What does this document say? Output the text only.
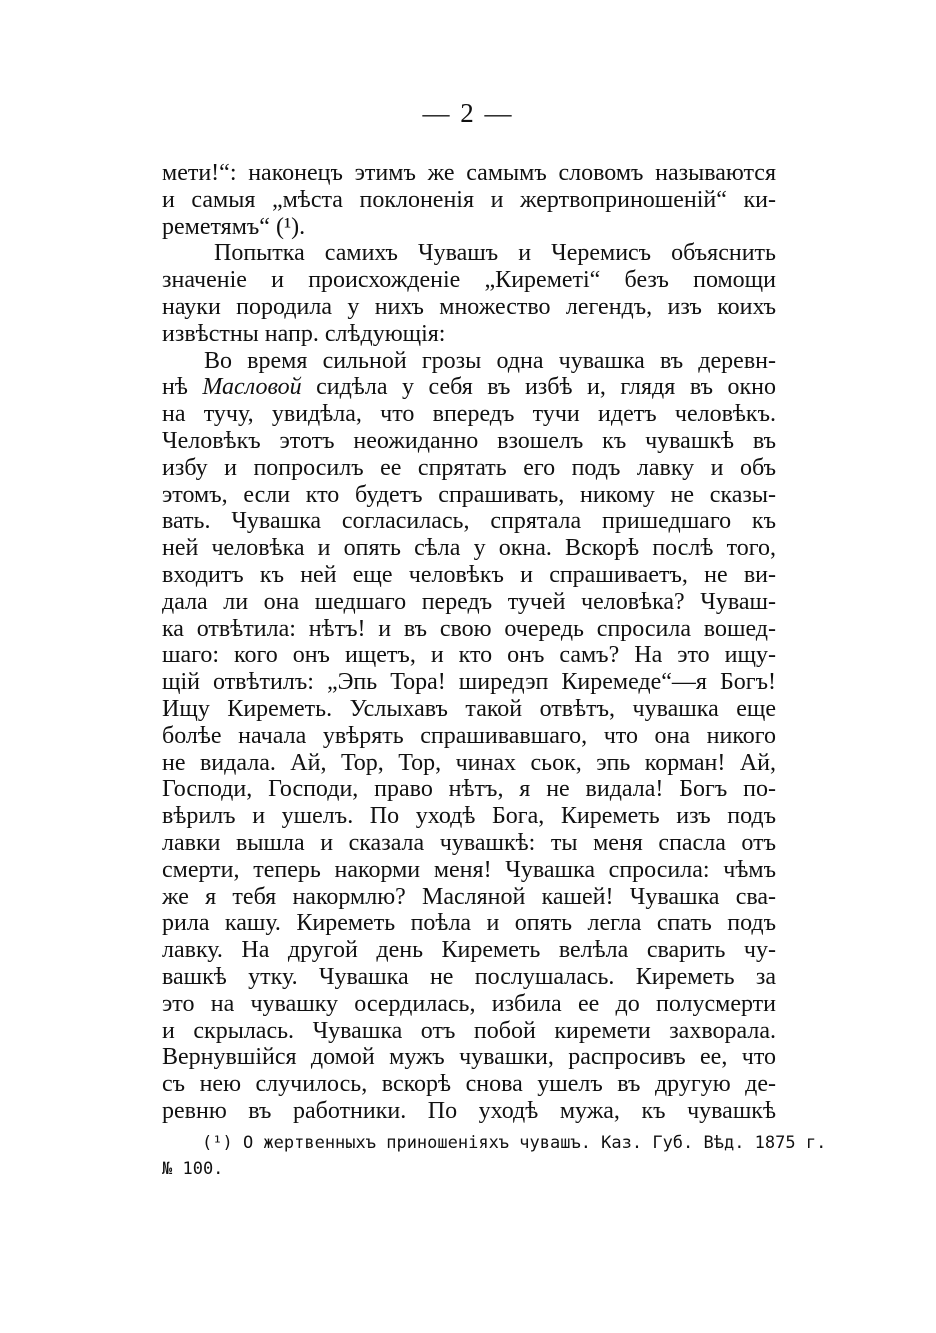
— 2 —
мети!“: наконецъ этимъ же самымъ словомъ называются
и самыя „мѣста поклоненія и жертвоприношеній“ ки-
реметямъ“ (¹).
Попытка самихъ Чувашъ и Черемисъ объяснить
значеніе и происхожденіе „Киреметі“ безъ помощи
науки породила у нихъ множество легендъ, изъ коихъ
извѣстны напр. слѣдующія:
Во время сильной грозы одна чувашка въ деревн-
нѣ Масловой сидѣла у себя въ избѣ и, глядя въ окно
на тучу, увидѣла, что впередъ тучи идетъ человѣкъ.
Человѣкъ этотъ неожиданно взошелъ къ чувашкѣ въ
избу и попросилъ ее спрятать его подъ лавку и объ
этомъ, если кто будетъ спрашивать, никому не сказы-
вать. Чувашка согласилась, спрятала пришедшаго къ
ней человѣка и опять сѣла у окна. Вскорѣ послѣ того,
входитъ къ ней еще человѣкъ и спрашиваетъ, не ви-
дала ли она шедшаго передъ тучей человѣка? Чуваш-
ка отвѣтила: нѣтъ! и въ свою очередь спросила вошед-
шаго: кого онъ ищетъ, и кто онъ самъ? На это ищу-
щій отвѣтилъ: „Эпь Тора! ширедэп Киремеде“—я Богъ!
Ищу Киреметь. Услыхавъ такой отвѣтъ, чувашка еще
болѣе начала увѣрять спрашивавшаго, что она никого
не видала. Ай, Тор, Тор, чинах сьок, эпь корман! Ай,
Господи, Господи, право нѣтъ, я не видала! Богъ по-
вѣрилъ и ушелъ. По уходѣ Бога, Киреметь изъ подъ
лавки вышла и сказала чувашкѣ: ты меня спасла отъ
смерти, теперь накорми меня! Чувашка спросила: чѣмъ
же я тебя накормлю? Масляной кашей! Чувашка сва-
рила кашу. Киреметь поѣла и опять легла спать подъ
лавку. На другой день Киреметь велѣла сварить чу-
вашкѣ утку. Чувашка не послушалась. Киреметь за
это на чувашку осердилась, избила ее до полусмерти
и скрылась. Чувашка отъ побой киремети захворала.
Вернувшійся домой мужъ чувашки, распросивъ ее, что
съ нею случилось, вскорѣ снова ушелъ въ другую де-
ревню въ работники. По уходѣ мужа, къ чувашкѣ
(¹) О жертвенныхъ приношеніяхъ чувашъ. Каз. Губ. Вѣд. 1875 г.
№ 100.
